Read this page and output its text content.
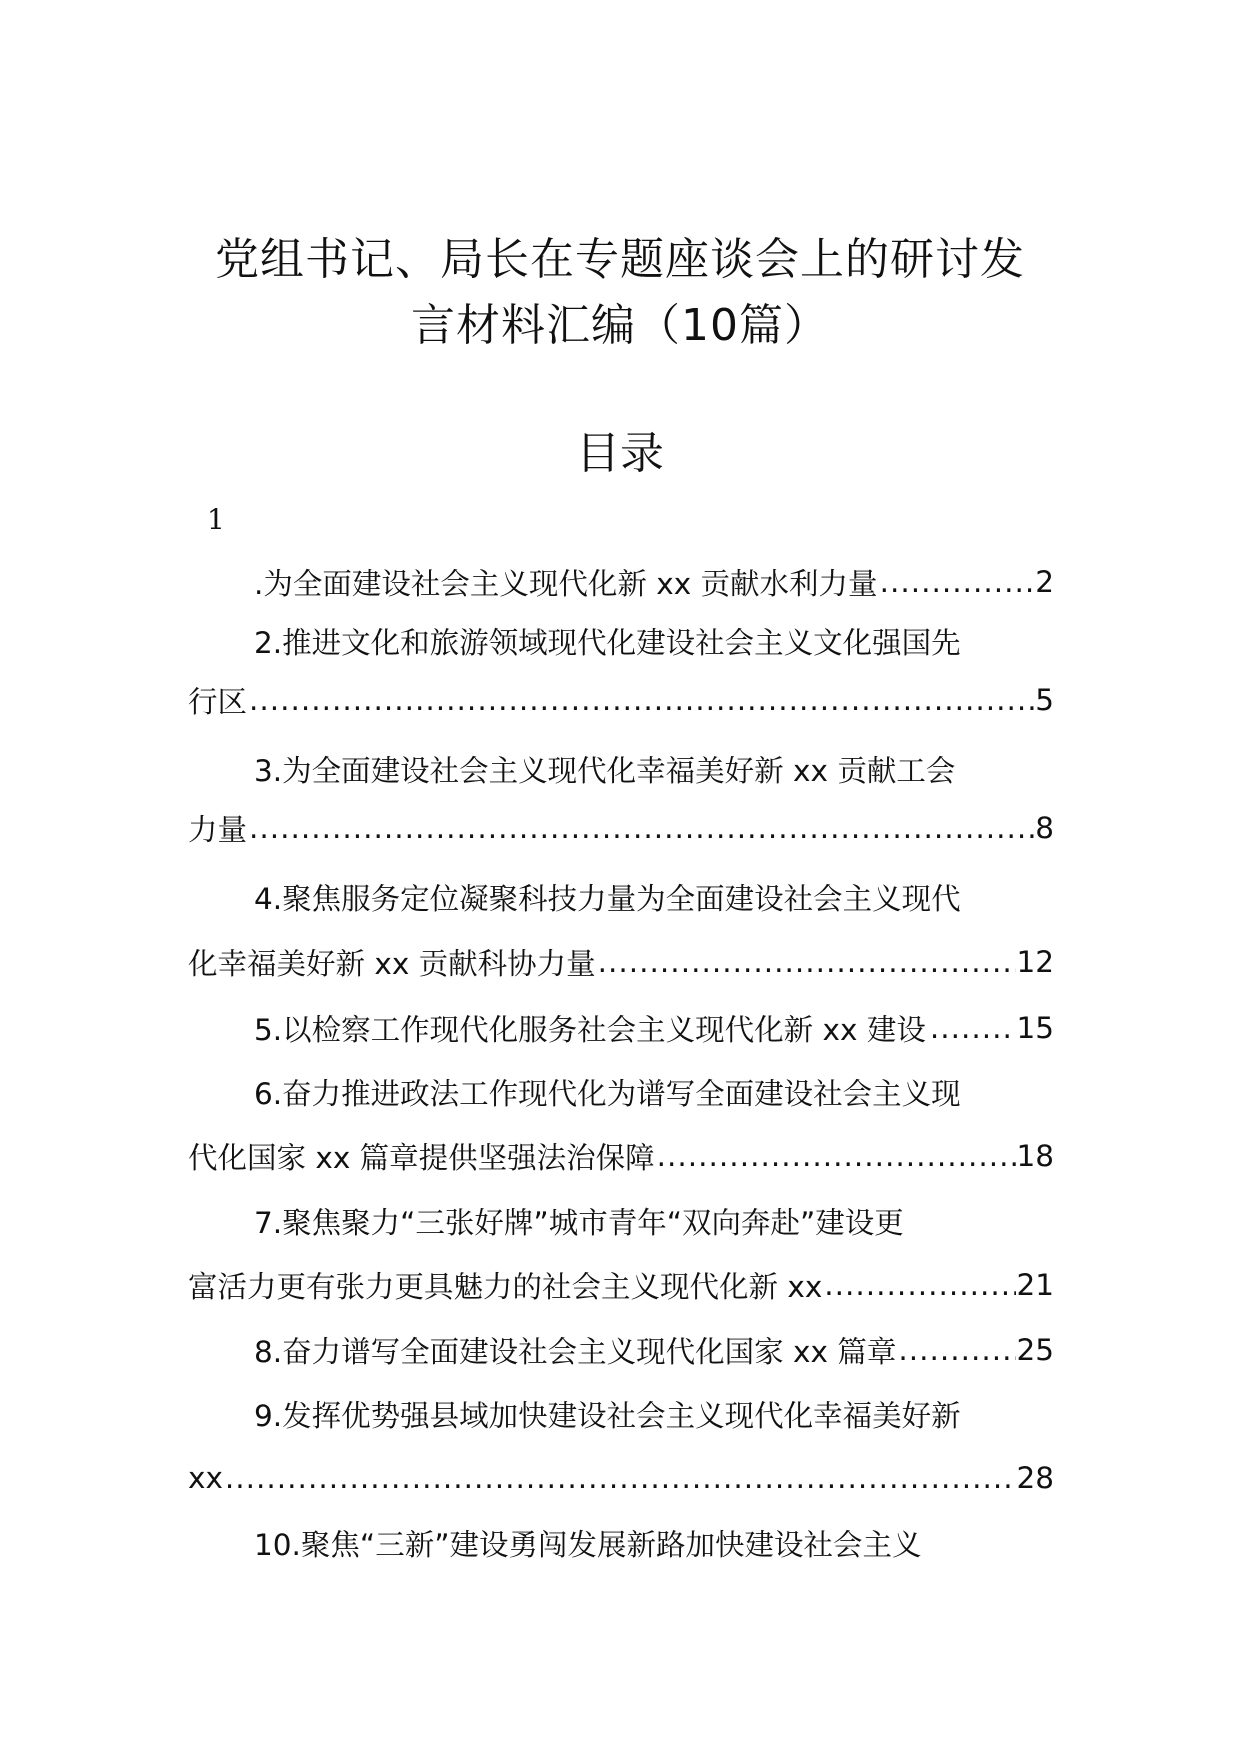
党组书记、局长在专题座谈会上的研讨发
言材料汇编（10篇）
目录
1
.为全面建设社会主义现代化新 xx 贡献水利力量 .....	2
2.推进文化和旅游领域现代化建设社会主义文化强国先
行区 .....	5
3.为全面建设社会主义现代化幸福美好新 xx 贡献工会
力量 .....	8
4.聚焦服务定位凝聚科技力量为全面建设社会主义现代
化幸福美好新 xx 贡献科协力量 .....	12
5.以检察工作现代化服务社会主义现代化新 xx 建设 .....	15
6.奋力推进政法工作现代化为谱写全面建设社会主义现
代化国家 xx 篇章提供坚强法治保障 .....	18
7.聚焦聚力“三张好牌”城市青年“双向奔赴”建设更
富活力更有张力更具魅力的社会主义现代化新 xx .....	21
8.奋力谱写全面建设社会主义现代化国家 xx 篇章 .....	25
9.发挥优势强县域加快建设社会主义现代化幸福美好新
xx .....	28
10.聚焦“三新”建设勇闯发展新路加快建设社会主义
